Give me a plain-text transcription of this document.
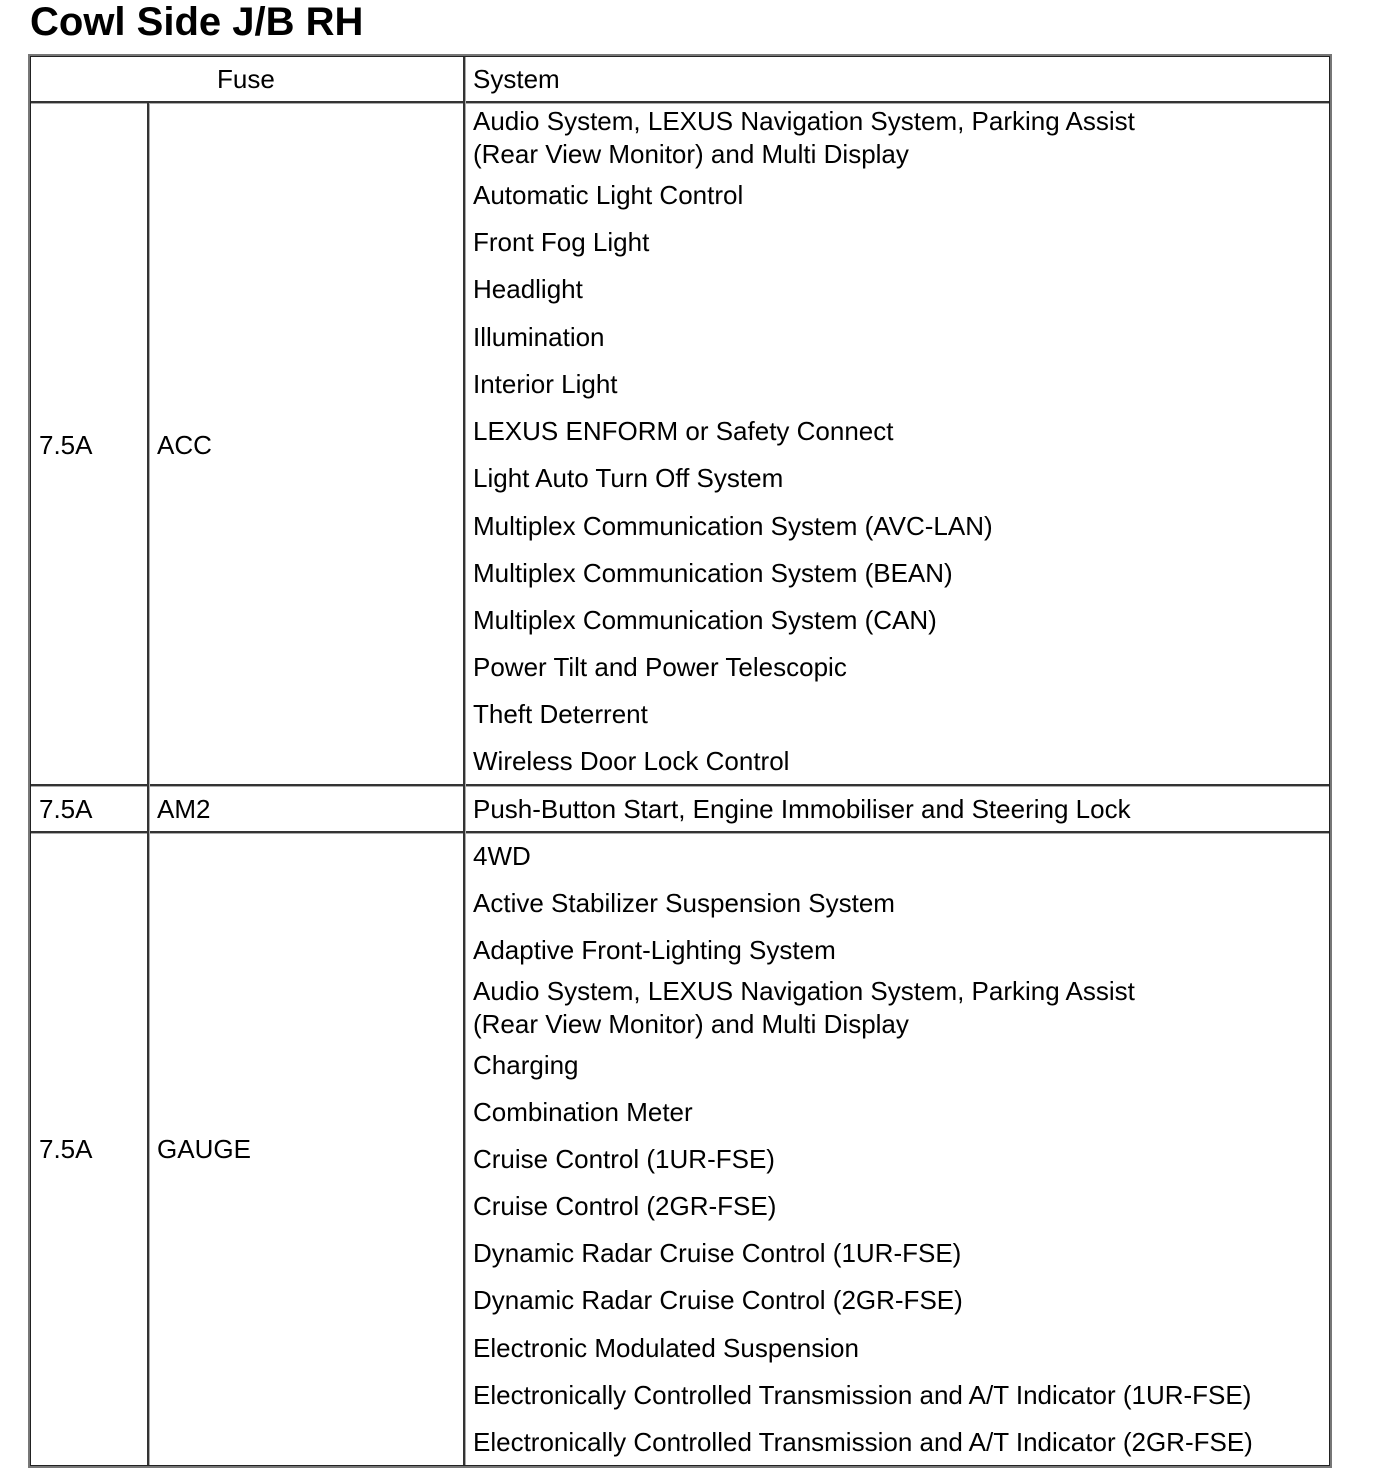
Cowl Side J/B RH
Fuse	System
7.5A ACC
Audio System, LEXUS Navigation System, Parking Assist
(Rear View Monitor) and Multi Display
Automatic Light Control
Front Fog Light
Headlight
Illumination
Interior Light
LEXUS ENFORM or Safety Connect
Light Auto Turn Off System
Multiplex Communication System (AVC-LAN)
Multiplex Communication System (BEAN)
Multiplex Communication System (CAN)
Power Tilt and Power Telescopic
Theft Deterrent
Wireless Door Lock Control
7.5A AM2	Push-Button Start, Engine Immobiliser and Steering Lock
7.5A GAUGE
4WD
Active Stabilizer Suspension System
Adaptive Front-Lighting System
Audio System, LEXUS Navigation System, Parking Assist
(Rear View Monitor) and Multi Display
Charging
Combination Meter
Cruise Control (1UR-FSE)
Cruise Control (2GR-FSE)
Dynamic Radar Cruise Control (1UR-FSE)
Dynamic Radar Cruise Control (2GR-FSE)
Electronic Modulated Suspension
Electronically Controlled Transmission and A/T Indicator (1UR-FSE)
Electronically Controlled Transmission and A/T Indicator (2GR-FSE)
